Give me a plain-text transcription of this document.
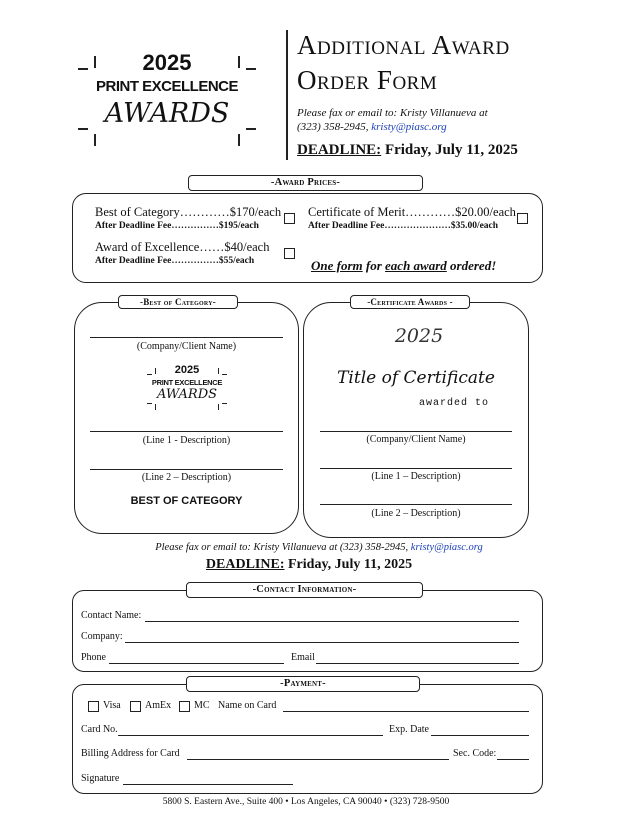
2025
PRINT EXCELLENCE
AWARDS
Additional Award
Order Form
Please fax or email to: Kristy Villanueva at
(323) 358-2945, kristy@piasc.org
DEADLINE: Friday, July 11, 2025
-Award Prices-
Best of Category…………$170/each
After Deadline Fee……………$195/each
Award of Excellence……$40/each
After Deadline Fee……………$55/each
Certificate of Merit…………$20.00/each
After Deadline Fee…………………$35.00/each
One form for each award ordered!
(Company/Client Name)
2025
PRINT EXCELLENCE
AWARDS
(Line 1 - Description)
(Line 2 – Description)
BEST OF CATEGORY
-Best of Category-
2025
Title of Certificate
awarded to
(Company/Client Name)
(Line 1 – Description)
(Line 2 – Description)
-Certificate Awards -
Please fax or email to: Kristy Villanueva at (323) 358-2945, kristy@piasc.org
DEADLINE: Friday, July 11, 2025
Contact Name:
Company:
Phone	Email
-Contact Information-
Visa AmEx MC Name on Card
Card No.	Exp. Date
Billing Address for Card	Sec. Code:
Signature
-Payment-
5800 S. Eastern Ave., Suite 400 • Los Angeles, CA 90040 • (323) 728-9500
